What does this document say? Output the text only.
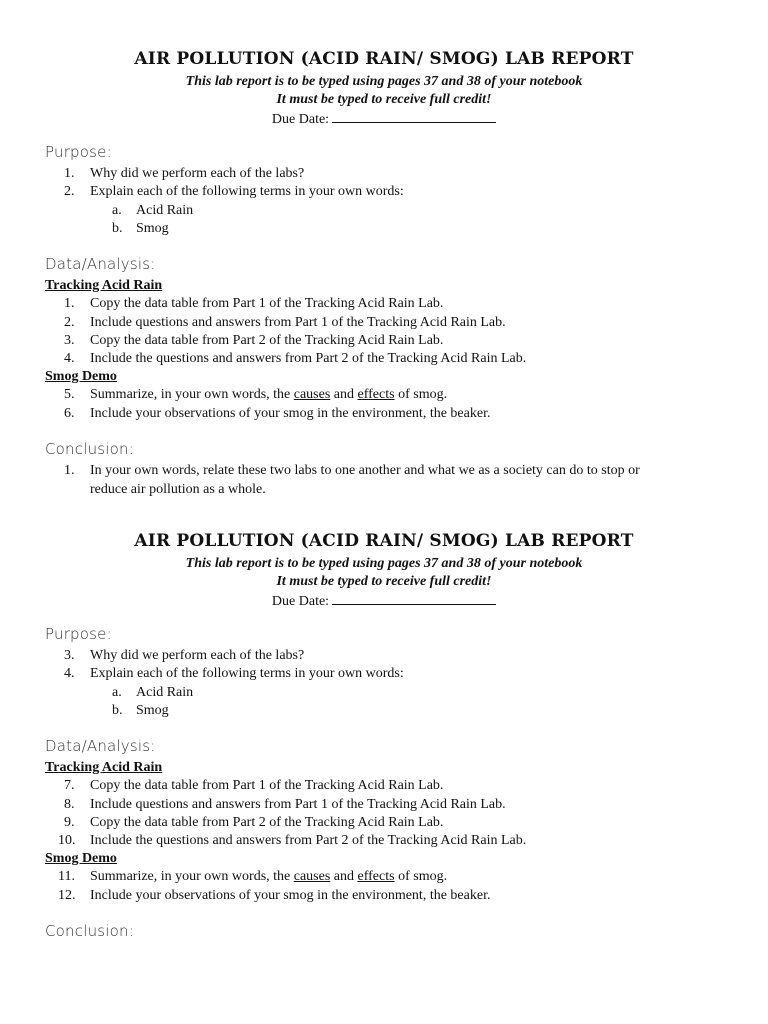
AIR POLLUTION (ACID RAIN/ SMOG) LAB REPORT
This lab report is to be typed using pages 37 and 38 of your notebook
It must be typed to receive full credit!
Due Date:
Purpose:
1. Why did we perform each of the labs?
2. Explain each of the following terms in your own words:
a. Acid Rain
b. Smog
Data/Analysis:
Tracking Acid Rain
1. Copy the data table from Part 1 of the Tracking Acid Rain Lab.
2. Include questions and answers from Part 1 of the Tracking Acid Rain Lab.
3. Copy the data table from Part 2 of the Tracking Acid Rain Lab.
4. Include the questions and answers from Part 2 of the Tracking Acid Rain Lab.
Smog Demo
5. Summarize, in your own words, the causes and effects of smog.
6. Include your observations of your smog in the environment, the beaker.
Conclusion:
1. In your own words, relate these two labs to one another and what we as a society can do to stop or
reduce air pollution as a whole.
AIR POLLUTION (ACID RAIN/ SMOG) LAB REPORT
This lab report is to be typed using pages 37 and 38 of your notebook
It must be typed to receive full credit!
Due Date:
Purpose:
3. Why did we perform each of the labs?
4. Explain each of the following terms in your own words:
a. Acid Rain
b. Smog
Data/Analysis:
Tracking Acid Rain
7. Copy the data table from Part 1 of the Tracking Acid Rain Lab.
8. Include questions and answers from Part 1 of the Tracking Acid Rain Lab.
9. Copy the data table from Part 2 of the Tracking Acid Rain Lab.
10. Include the questions and answers from Part 2 of the Tracking Acid Rain Lab.
Smog Demo
11. Summarize, in your own words, the causes and effects of smog.
12. Include your observations of your smog in the environment, the beaker.
Conclusion:
